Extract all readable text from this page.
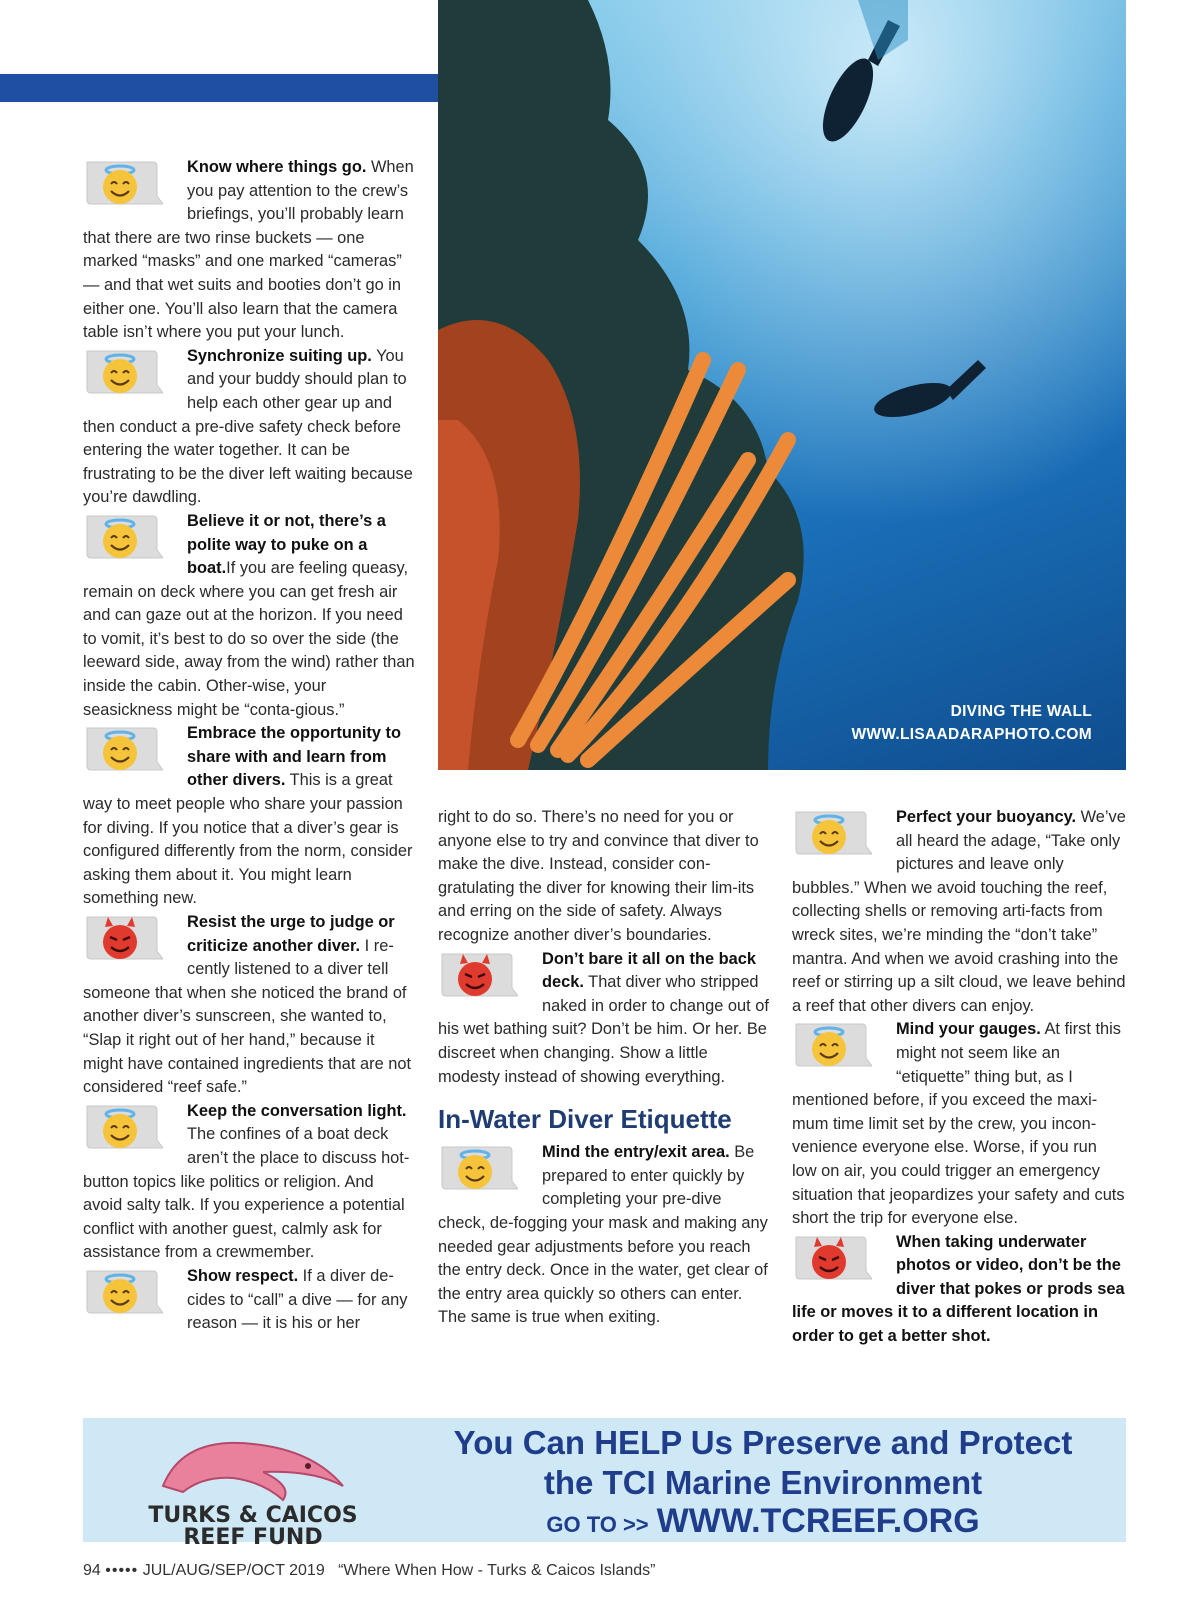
DIVING THE WALL
WWW.LISAADARAPHOTO.COM

Know where things go. When you pay attention to the crew’s briefings, you’ll probably learn that there are two rinse buckets — one marked “masks” and one marked “cameras” — and that wet suits and booties don’t go in either one. You’ll also learn that the camera table isn’t where you put your lunch.

Synchronize suiting up. You and your buddy should plan to help each other gear up and then conduct a pre-dive safety check before entering the water together. It can be frustrating to be the diver left waiting because you’re dawdling.

Believe it or not, there’s a polite way to puke on a boat.If you are feeling queasy, remain on deck where you can get fresh air and can gaze out at the horizon. If you need to vomit, it’s best to do so over the side (the leeward side, away from the wind) rather than inside the cabin. Other-wise, your seasickness might be “conta-gious.”

Embrace the opportunity to share with and learn from other divers. This is a great way to meet people who share your passion for diving. If you notice that a diver’s gear is configured differently from the norm, consider asking them about it. You might learn something new.

Resist the urge to judge or criticize another diver. I re-cently listened to a diver tell someone that when she noticed the brand of another diver’s sunscreen, she wanted to, “Slap it right out of her hand,” because it might have contained ingredients that are not considered “reef safe.”

Keep the conversation light. The confines of a boat deck aren’t the place to discuss hot-button topics like politics or religion. And avoid salty talk. If you experience a potential conflict with another guest, calmly ask for assistance from a crewmember.

Show respect. If a diver de-cides to “call” a dive — for any reason — it is his or her

right to do so. There’s no need for you or anyone else to try and convince that diver to make the dive. Instead, consider con-gratulating the diver for knowing their lim-its and erring on the side of safety. Always recognize another diver’s boundaries.

Don’t bare it all on the back deck. That diver who stripped naked in order to change out of his wet bathing suit? Don’t be him. Or her. Be discreet when changing. Show a little modesty instead of showing everything.

In-Water Diver Etiquette

Mind the entry/exit area. Be prepared to enter quickly by completing your pre-dive check, de-fogging your mask and making any needed gear adjustments before you reach the entry deck. Once in the water, get clear of the entry area quickly so others can enter. The same is true when exiting.

Perfect your buoyancy. We’ve all heard the adage, “Take only pictures and leave only bubbles.” When we avoid touching the reef, collecting shells or removing arti-facts from wreck sites, we’re minding the “don’t take” mantra. And when we avoid crashing into the reef or stirring up a silt cloud, we leave behind a reef that other divers can enjoy.

Mind your gauges. At first this might not seem like an “etiquette” thing but, as I mentioned before, if you exceed the maxi-mum time limit set by the crew, you incon-venience everyone else. Worse, if you run low on air, you could trigger an emergency situation that jeopardizes your safety and cuts short the trip for everyone else.

When taking underwater photos or video, don’t be the diver that pokes or prods sea life or moves it to a different location in order to get a better shot.

TURKS & CAICOS
REEF FUND
You Can HELP Us Preserve and Protect
the TCI Marine Environment
GO TO >> WWW.TCREEF.ORG
94 ••••• JUL/AUG/SEP/OCT 2019 “Where When How - Turks & Caicos Islands”
